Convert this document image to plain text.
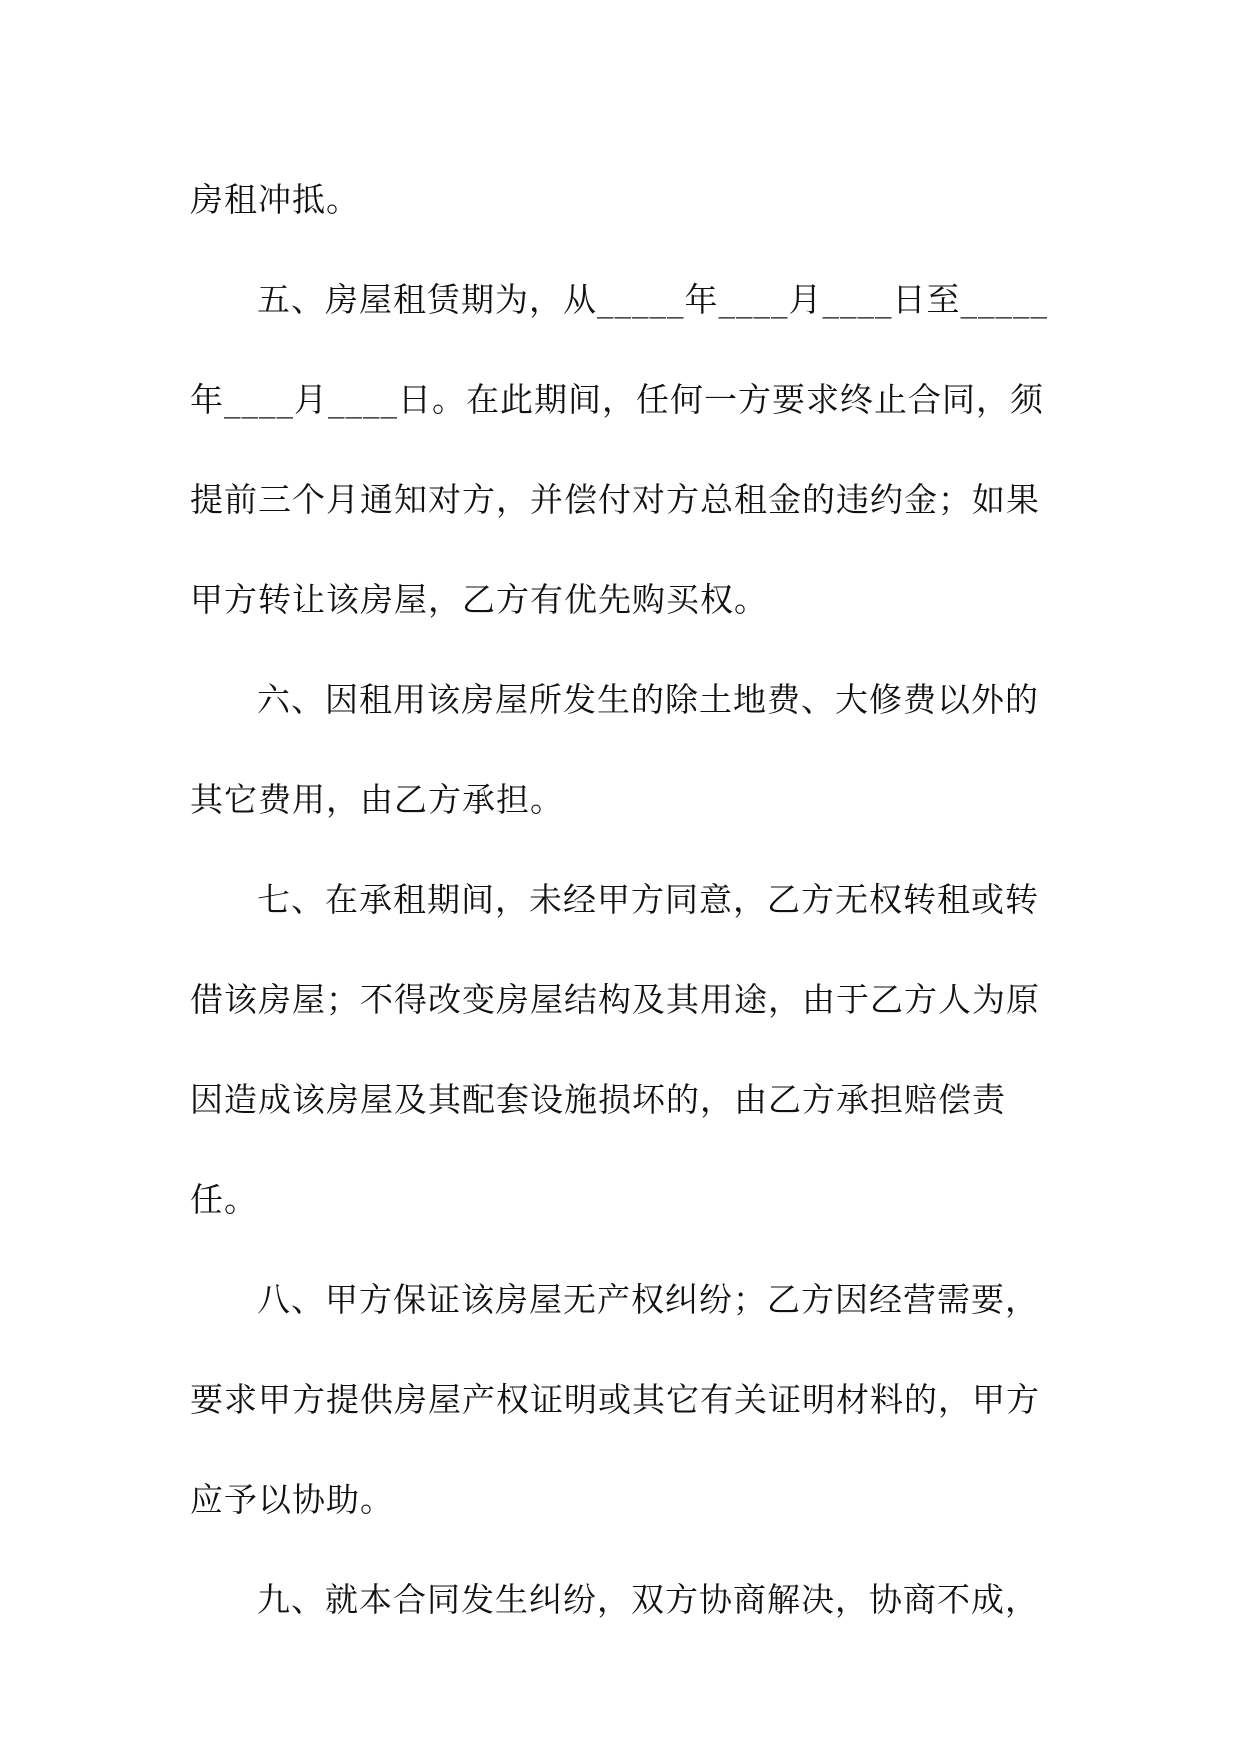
房租冲抵。
五、房屋租赁期为，从_____年____月____日至_____
年____月____日。在此期间，任何一方要求终止合同，须
提前三个月通知对方，并偿付对方总租金的违约金；如果
甲方转让该房屋，乙方有优先购买权。
六、因租用该房屋所发生的除土地费、大修费以外的
其它费用，由乙方承担。
七、在承租期间，未经甲方同意，乙方无权转租或转
借该房屋；不得改变房屋结构及其用途，由于乙方人为原
因造成该房屋及其配套设施损坏的，由乙方承担赔偿责
任。
八、甲方保证该房屋无产权纠纷；乙方因经营需要，
要求甲方提供房屋产权证明或其它有关证明材料的，甲方
应予以协助。
九、就本合同发生纠纷，双方协商解决，协商不成，
